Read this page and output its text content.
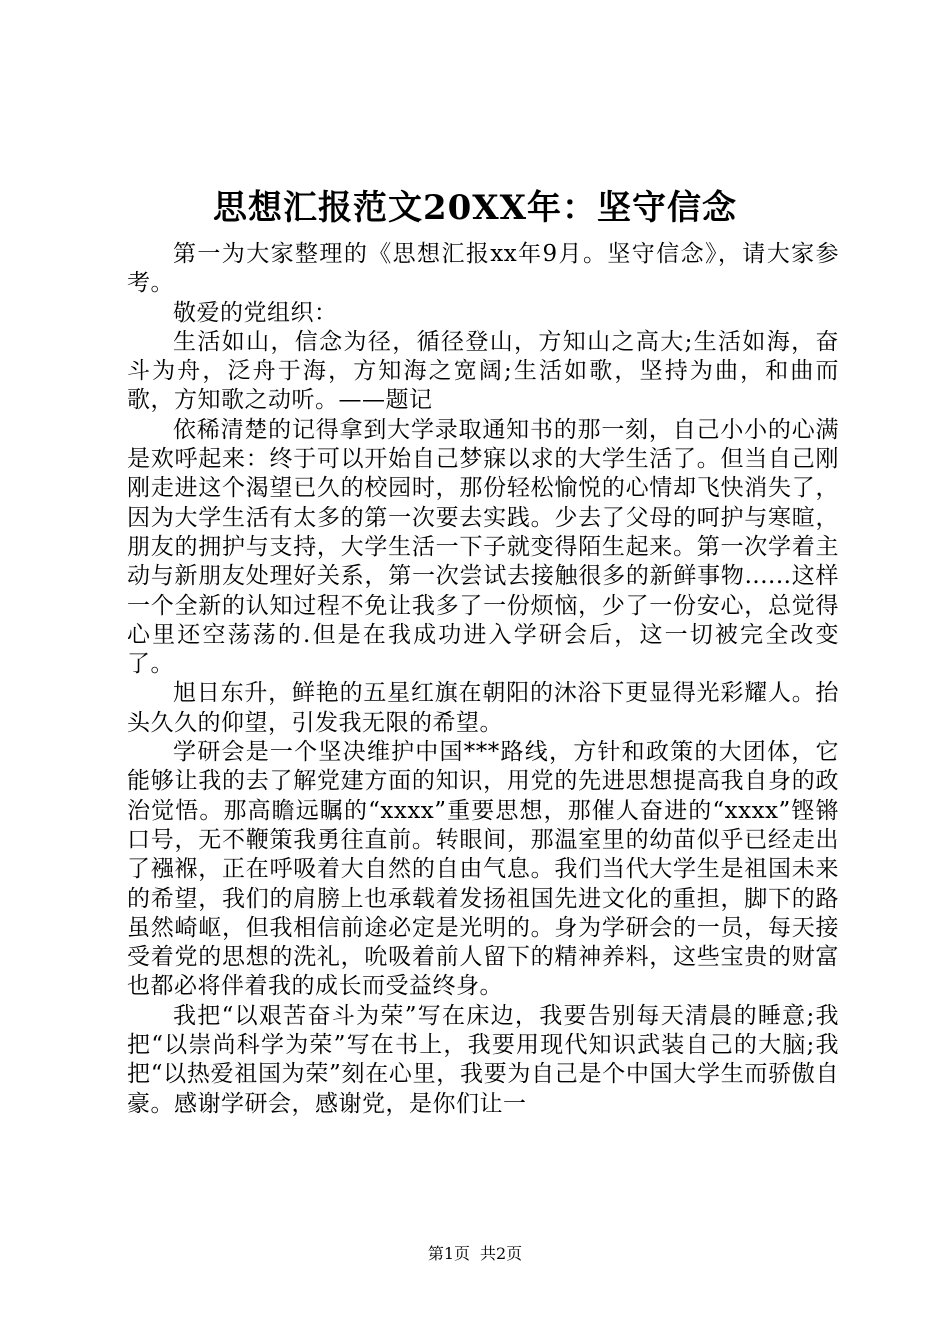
思想汇报范文20XX年：坚守信念

第一为大家整理的《思想汇报xx年9月。坚守信念》，请大家参考。

敬爱的党组织：

生活如山，信念为径，循径登山，方知山之高大;生活如海，奋斗为舟，泛舟于海，方知海之宽阔;生活如歌，坚持为曲，和曲而歌，方知歌之动听。——题记

依稀清楚的记得拿到大学录取通知书的那一刻，自己小小的心满是欢呼起来：终于可以开始自己梦寐以求的大学生活了。但当自己刚刚走进这个渴望已久的校园时，那份轻松愉悦的心情却飞快消失了，因为大学生活有太多的第一次要去实践。少去了父母的呵护与寒暄，朋友的拥护与支持，大学生活一下子就变得陌生起来。第一次学着主动与新朋友处理好关系，第一次尝试去接触很多的新鲜事物......这样一个全新的认知过程不免让我多了一份烦恼，少了一份安心，总觉得心里还空荡荡的.但是在我成功进入学研会后，这一切被完全改变了。

旭日东升，鲜艳的五星红旗在朝阳的沐浴下更显得光彩耀人。抬头久久的仰望，引发我无限的希望。

学研会是一个坚决维护中国***路线，方针和政策的大团体，它能够让我的去了解党建方面的知识，用党的先进思想提高我自身的政治觉悟。那高瞻远瞩的“xxxx”重要思想，那催人奋进的“xxxx”铿锵口号，无不鞭策我勇往直前。转眼间，那温室里的幼苗似乎已经走出了襁褓，正在呼吸着大自然的自由气息。我们当代大学生是祖国未来的希望，我们的肩膀上也承载着发扬祖国先进文化的重担，脚下的路虽然崎岖，但我相信前途必定是光明的。身为学研会的一员，每天接受着党的思想的洗礼，吮吸着前人留下的精神养料，这些宝贵的财富也都必将伴着我的成长而受益终身。

我把“以艰苦奋斗为荣”写在床边，我要告别每天清晨的睡意;我把“以崇尚科学为荣”写在书上，我要用现代知识武装自己的大脑;我把“以热爱祖国为荣”刻在心里，我要为自己是个中国大学生而骄傲自豪。感谢学研会，感谢党，是你们让一

第1页 共2页
